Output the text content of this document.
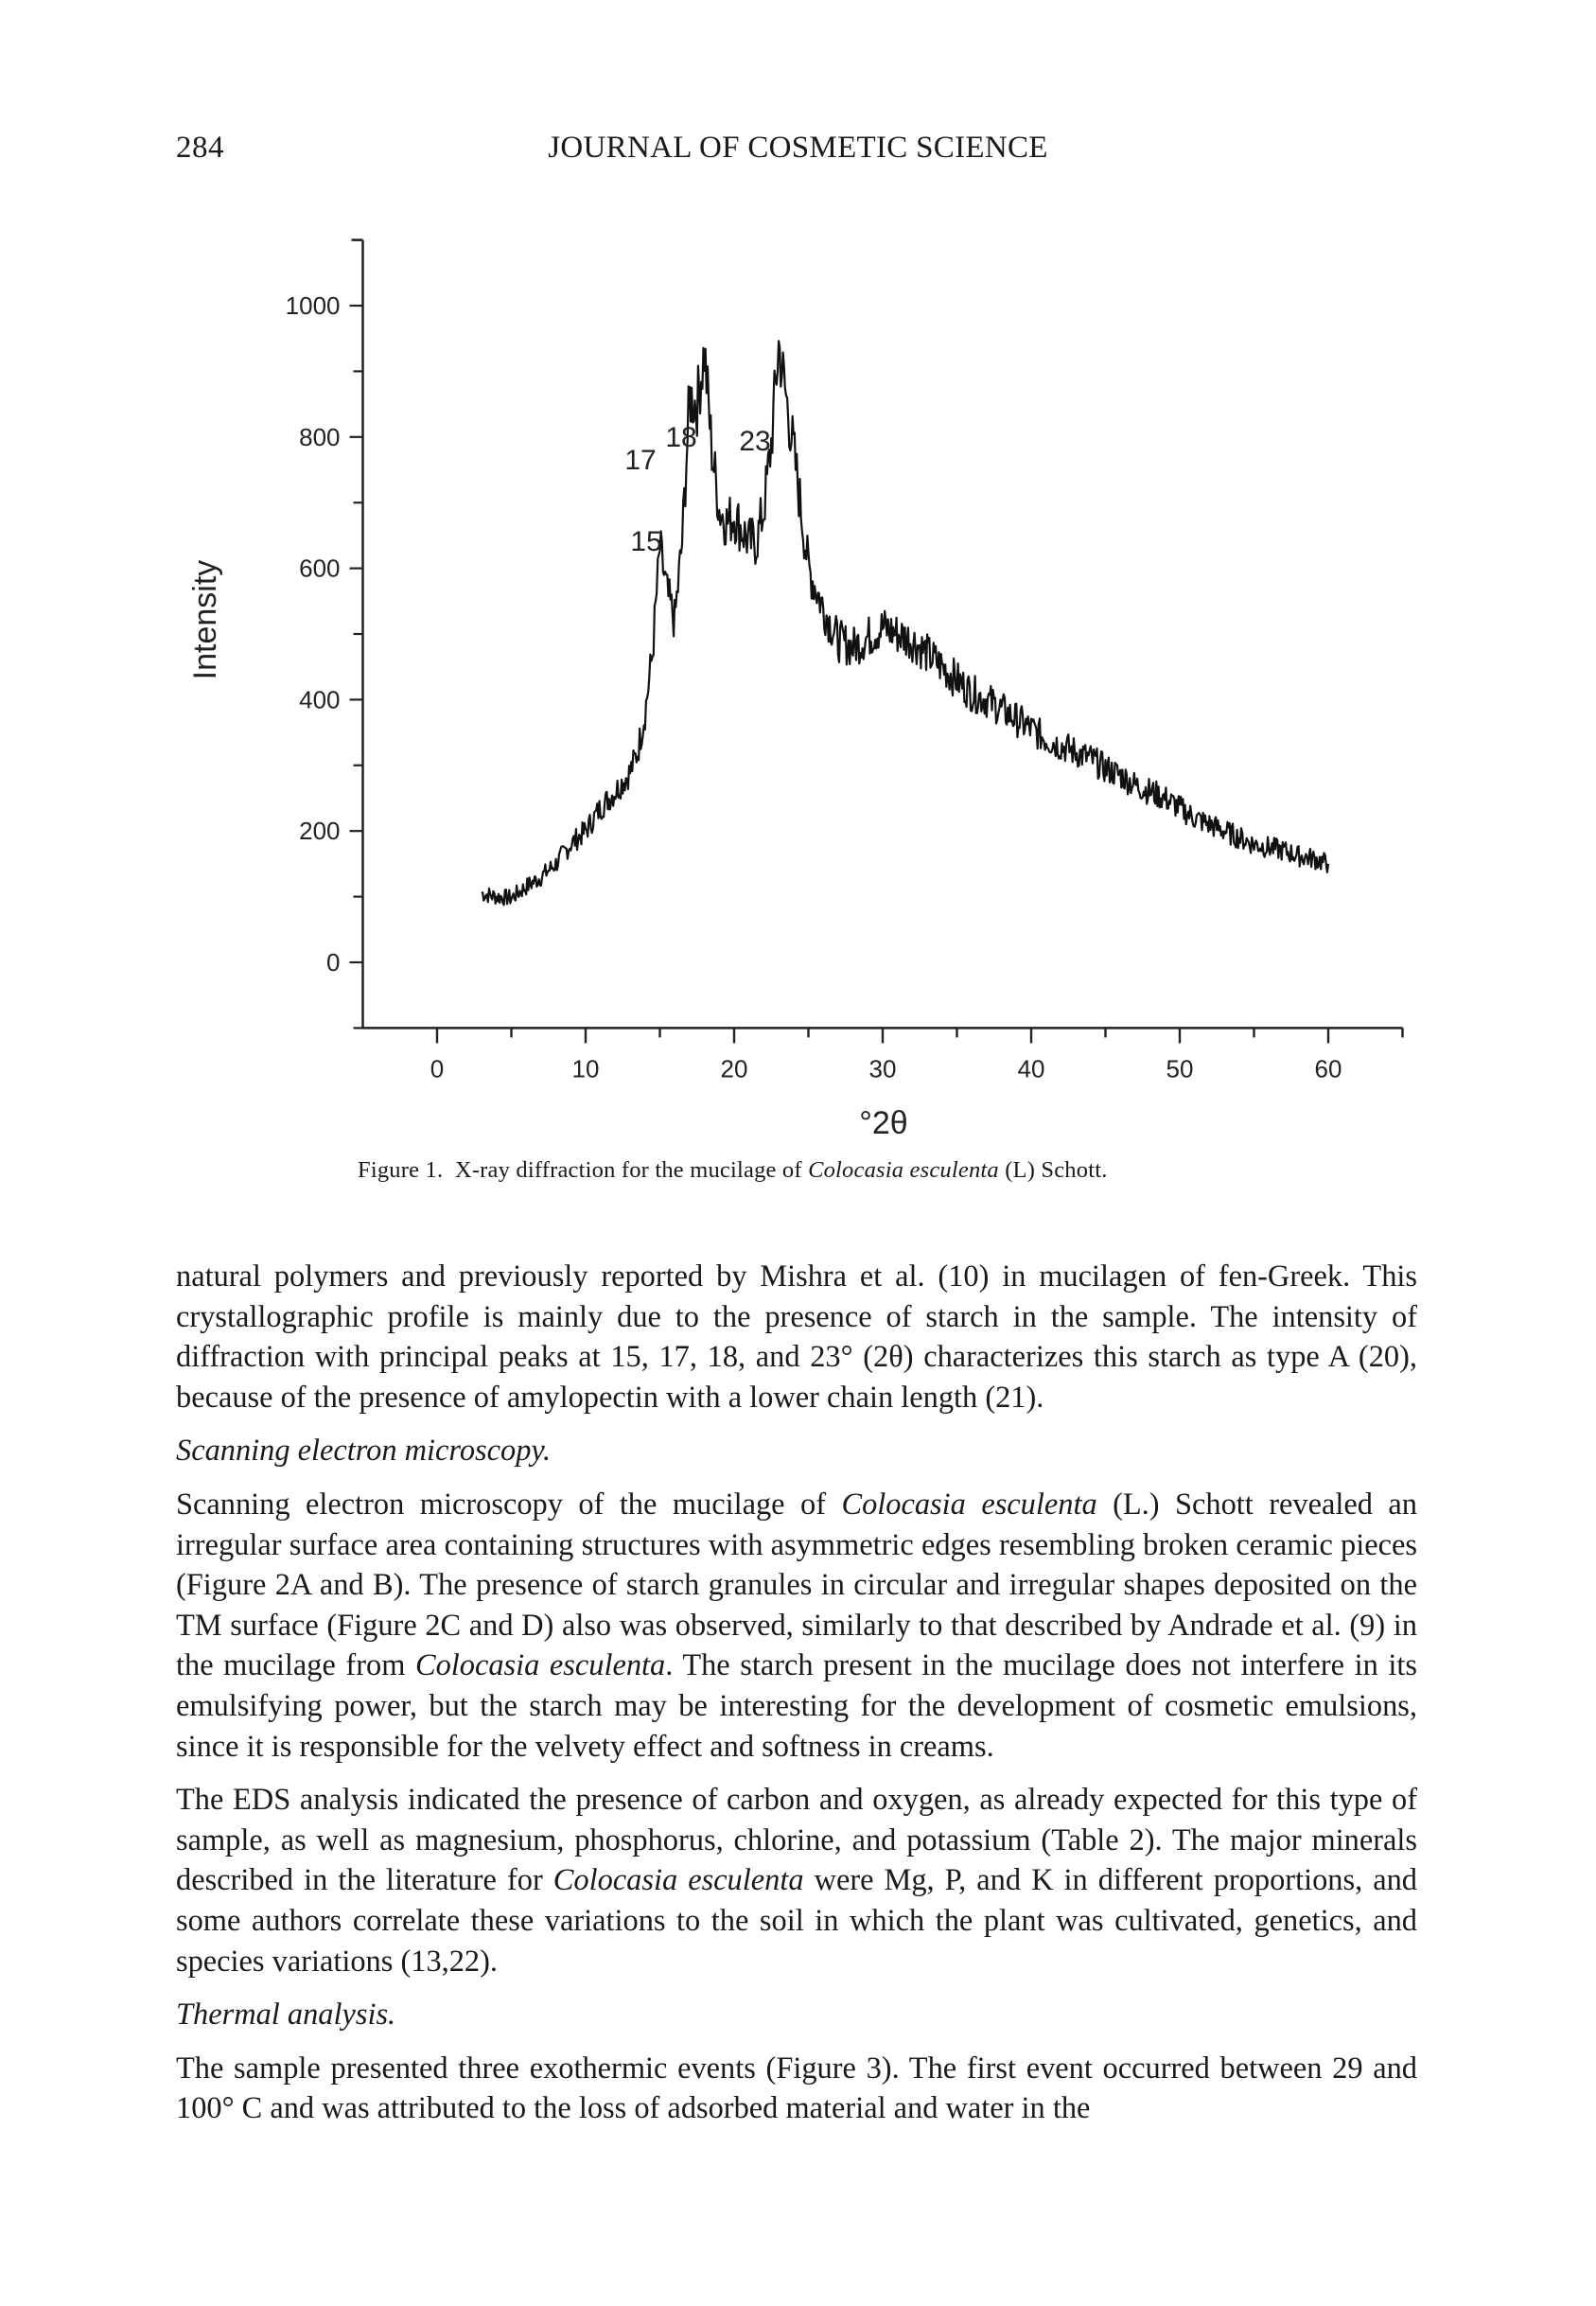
284	JOURNAL OF COSMETIC SCIENCE
0
200
400
600
800
1000
0	10	20	30	40	50	60
15
17
18 23
Intensity
°2θ
Figure 1. X-ray diffraction for the mucilage of Colocasia esculenta (L) Schott.

natural polymers and previously reported by Mishra et al. (10) in mucilagen of fen-Greek. This crystallographic profile is mainly due to the presence of starch in the sample. The intensity of diffraction with principal peaks at 15, 17, 18, and 23° (2θ) characterizes this starch as type A (20), because of the presence of amylopectin with a lower chain length (21).

Scanning electron microscopy.

Scanning electron microscopy of the mucilage of Colocasia esculenta (L.) Schott revealed an irregular surface area containing structures with asymmetric edges resembling broken ceramic pieces (Figure 2A and B). The presence of starch granules in circular and irregular shapes deposited on the TM surface (Figure 2C and D) also was observed, similarly to that described by Andrade et al. (9) in the mucilage from Colocasia esculenta. The starch present in the mucilage does not interfere in its emulsifying power, but the starch may be interesting for the development of cosmetic emulsions, since it is responsible for the velvety effect and softness in creams.

The EDS analysis indicated the presence of carbon and oxygen, as already expected for this type of sample, as well as magnesium, phosphorus, chlorine, and potassium (Table 2). The major minerals described in the literature for Colocasia esculenta were Mg, P, and K in different proportions, and some authors correlate these variations to the soil in which the plant was cultivated, genetics, and species variations (13,22).

Thermal analysis.

The sample presented three exothermic events (Figure 3). The first event occurred between 29 and 100° C and was attributed to the loss of adsorbed material and water in the
